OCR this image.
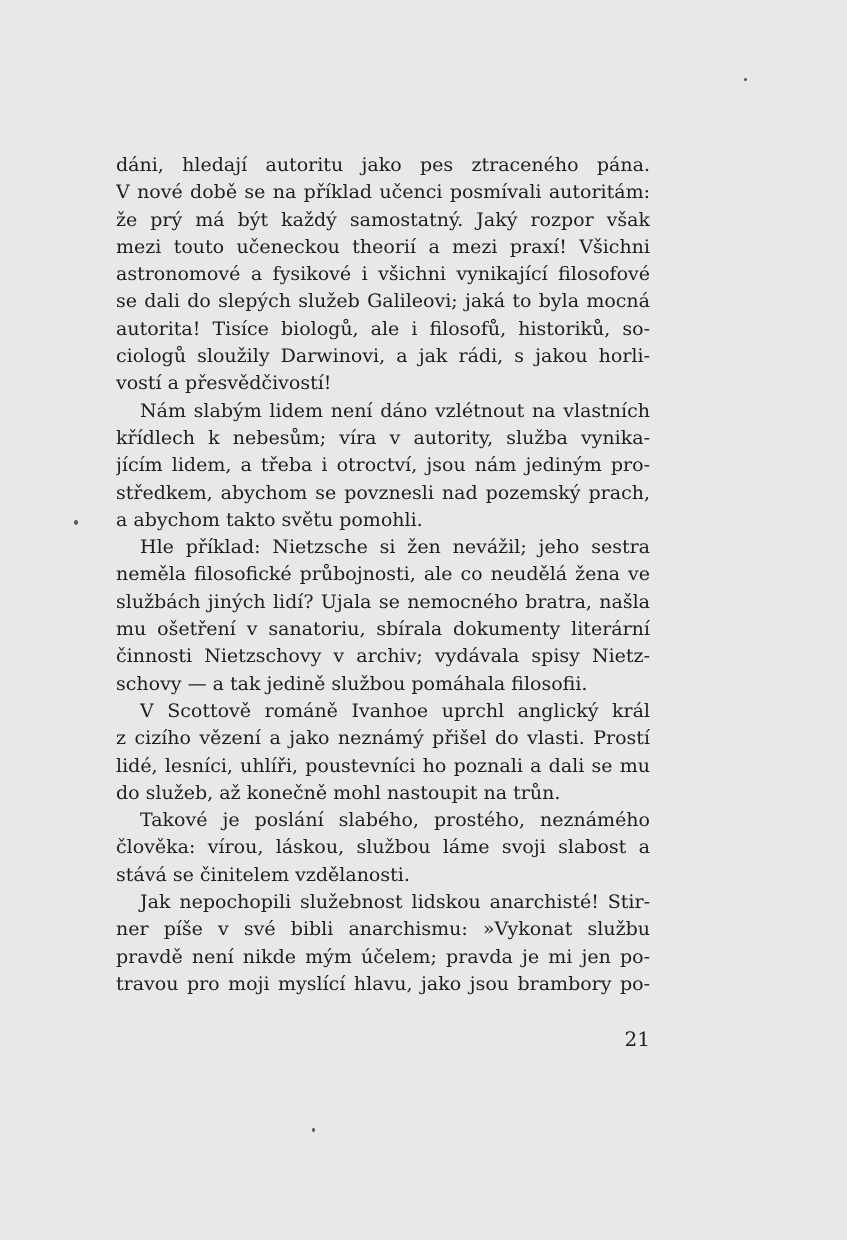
dáni, hledají autoritu jako pes ztraceného pána.
V nové době se na příklad učenci posmívali autoritám:
že prý má být každý samostatný. Jaký rozpor však
mezi touto učeneckou theorií a mezi praxí! Všichni
astronomové a fysikové i všichni vynikající filosofové
se dali do slepých služeb Galileovi; jaká to byla mocná
autorita! Tisíce biologů, ale i filosofů, historiků, so-
ciologů sloužily Darwinovi, a jak rádi, s jakou horli-
vostí a přesvědčivostí!
Nám slabým lidem není dáno vzlétnout na vlastních
křídlech k nebesům; víra v autority, služba vynika-
jícím lidem, a třeba i otroctví, jsou nám jediným pro-
středkem, abychom se povznesli nad pozemský prach,
a abychom takto světu pomohli.
Hle příklad: Nietzsche si žen nevážil; jeho sestra
neměla filosofické průbojnosti, ale co neudělá žena ve
službách jiných lidí? Ujala se nemocného bratra, našla
mu ošetření v sanatoriu, sbírala dokumenty literární
činnosti Nietzschovy v archiv; vydávala spisy Nietz-
schovy — a tak jedině službou pomáhala filosofii.
V Scottově románě Ivanhoe uprchl anglický král
z cizího vězení a jako neznámý přišel do vlasti. Prostí
lidé, lesníci, uhlíři, poustevníci ho poznali a dali se mu
do služeb, až konečně mohl nastoupit na trůn.
Takové je poslání slabého, prostého, neznámého
člověka: vírou, láskou, službou láme svoji slabost a
stává se činitelem vzdělanosti.
Jak nepochopili služebnost lidskou anarchisté! Stir-
ner píše v své bibli anarchismu: »Vykonat službu
pravdě není nikde mým účelem; pravda je mi jen po-
travou pro moji myslící hlavu, jako jsou brambory po-
21
